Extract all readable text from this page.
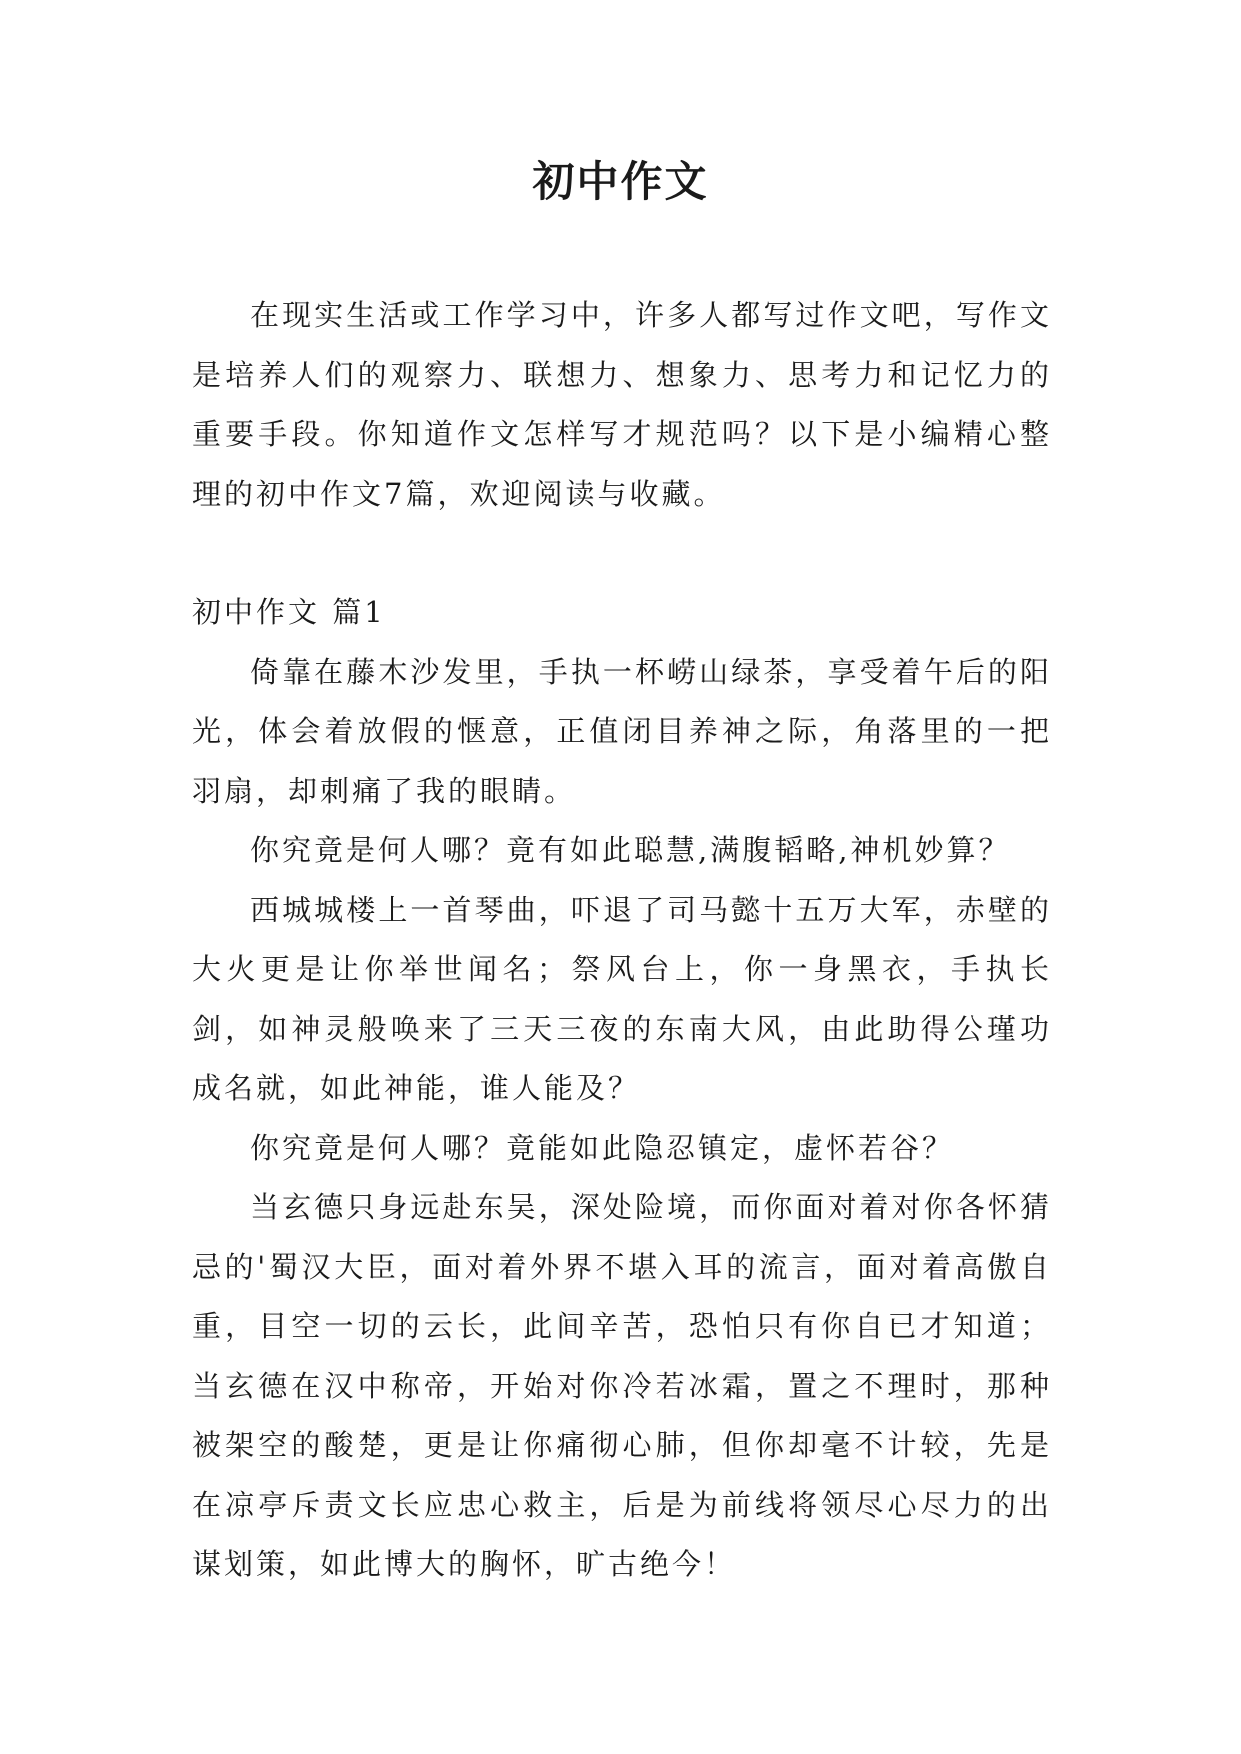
初中作文

在现实生活或工作学习中，许多人都写过作文吧，写作文是培养人们的观察力、联想力、想象力、思考力和记忆力的重要手段。你知道作文怎样写才规范吗？以下是小编精心整理的初中作文7篇，欢迎阅读与收藏。

初中作文 篇1

倚靠在藤木沙发里，手执一杯崂山绿茶，享受着午后的阳光，体会着放假的惬意，正值闭目养神之际，角落里的一把羽扇，却刺痛了我的眼睛。

你究竟是何人哪？竟有如此聪慧,满腹韬略,神机妙算？

西城城楼上一首琴曲，吓退了司马懿十五万大军，赤壁的大火更是让你举世闻名；祭风台上，你一身黑衣，手执长剑，如神灵般唤来了三天三夜的东南大风，由此助得公瑾功成名就，如此神能，谁人能及？

你究竟是何人哪？竟能如此隐忍镇定，虚怀若谷？

当玄德只身远赴东吴，深处险境，而你面对着对你各怀猜忌的'蜀汉大臣，面对着外界不堪入耳的流言，面对着高傲自重，目空一切的云长，此间辛苦，恐怕只有你自已才知道；当玄德在汉中称帝，开始对你冷若冰霜，置之不理时，那种被架空的酸楚，更是让你痛彻心肺，但你却毫不计较，先是在凉亭斥责文长应忠心救主，后是为前线将领尽心尽力的出谋划策，如此博大的胸怀，旷古绝今！
